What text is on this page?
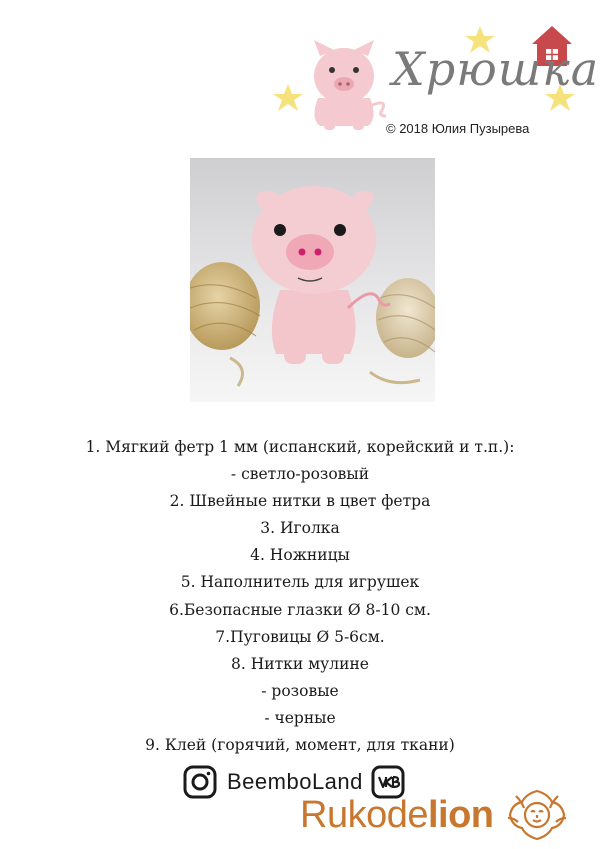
Хрюшка
© 2018 Юлия Пузырева
1. Мягкий фетр 1 мм (испанский, корейский и т.п.):
- светло-розовый
2. Швейные нитки в цвет фетра
3. Иголка
4. Ножницы
5. Наполнитель для игрушек
6.Безопасные глазки Ø 8-10 см.
7.Пуговицы Ø 5-6см.
8. Нитки мулине
- розовые
- черные
9. Клей (горячий, момент, для ткани)
BeemboLand
Rukodelion
